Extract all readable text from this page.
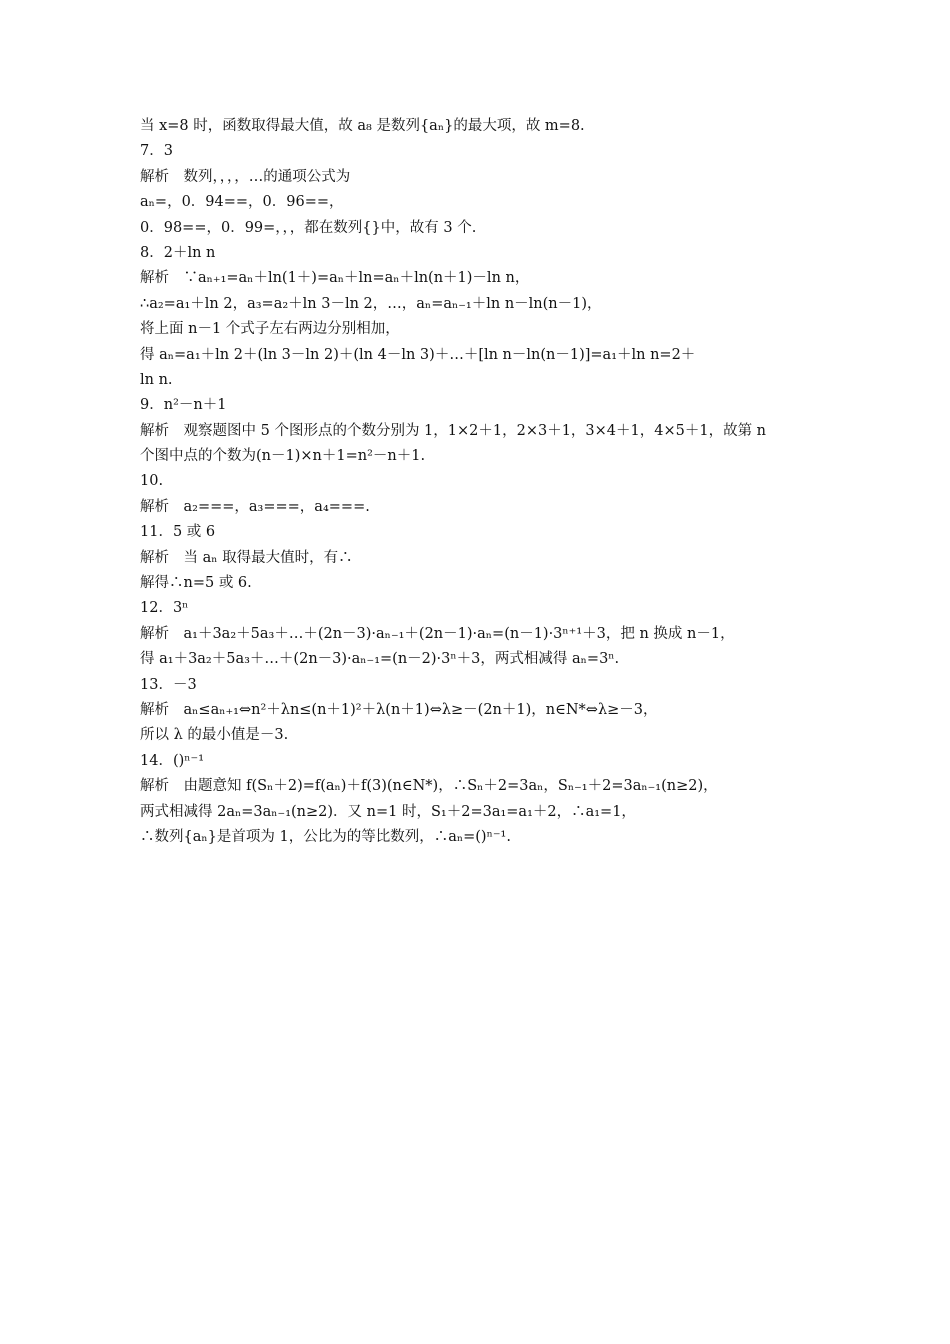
当 x=8 时，函数取得最大值，故 a₈ 是数列{aₙ}的最大项，故 m=8.
7．3
解析　数列，，，，…的通项公式为
aₙ=，0．94==，0．96==，
0．98==，0．99=，，，都在数列{}中，故有 3 个.
8．2＋ln n
解析　∵aₙ₊₁=aₙ＋ln(1＋)=aₙ＋ln=aₙ＋ln(n＋1)－ln n，
∴a₂=a₁＋ln 2，a₃=a₂＋ln 3－ln 2，…，aₙ=aₙ₋₁＋ln n－ln(n－1)，
将上面 n－1 个式子左右两边分别相加，
得 aₙ=a₁＋ln 2＋(ln 3－ln 2)＋(ln 4－ln 3)＋…＋[ln n－ln(n－1)]=a₁＋ln n=2＋
ln n.
9．n²－n＋1
解析　观察题图中 5 个图形点的个数分别为 1，1×2＋1，2×3＋1，3×4＋1，4×5＋1，故第 n
个图中点的个数为(n－1)×n＋1=n²－n＋1.
10.
解析　a₂===，a₃===，a₄===.
11．5 或 6
解析　当 aₙ 取得最大值时，有∴
解得∴n=5 或 6.
12．3ⁿ
解析　a₁＋3a₂＋5a₃＋…＋(2n－3)·aₙ₋₁＋(2n－1)·aₙ=(n－1)·3ⁿ⁺¹＋3，把 n 换成 n－1，
得 a₁＋3a₂＋5a₃＋…＋(2n－3)·aₙ₋₁=(n－2)·3ⁿ＋3，两式相减得 aₙ=3ⁿ.
13．－3
解析　aₙ≤aₙ₊₁⇔n²＋λn≤(n＋1)²＋λ(n＋1)⇔λ≥－(2n＋1)，n∈N*⇔λ≥－3，
所以 λ 的最小值是－3.
14．()ⁿ⁻¹
解析　由题意知 f(Sₙ＋2)=f(aₙ)＋f(3)(n∈N*)，∴Sₙ＋2=3aₙ，Sₙ₋₁＋2=3aₙ₋₁(n≥2)，
两式相减得 2aₙ=3aₙ₋₁(n≥2)．又 n=1 时，S₁＋2=3a₁=a₁＋2，∴a₁=1，
∴数列{aₙ}是首项为 1，公比为的等比数列，∴aₙ=()ⁿ⁻¹.
